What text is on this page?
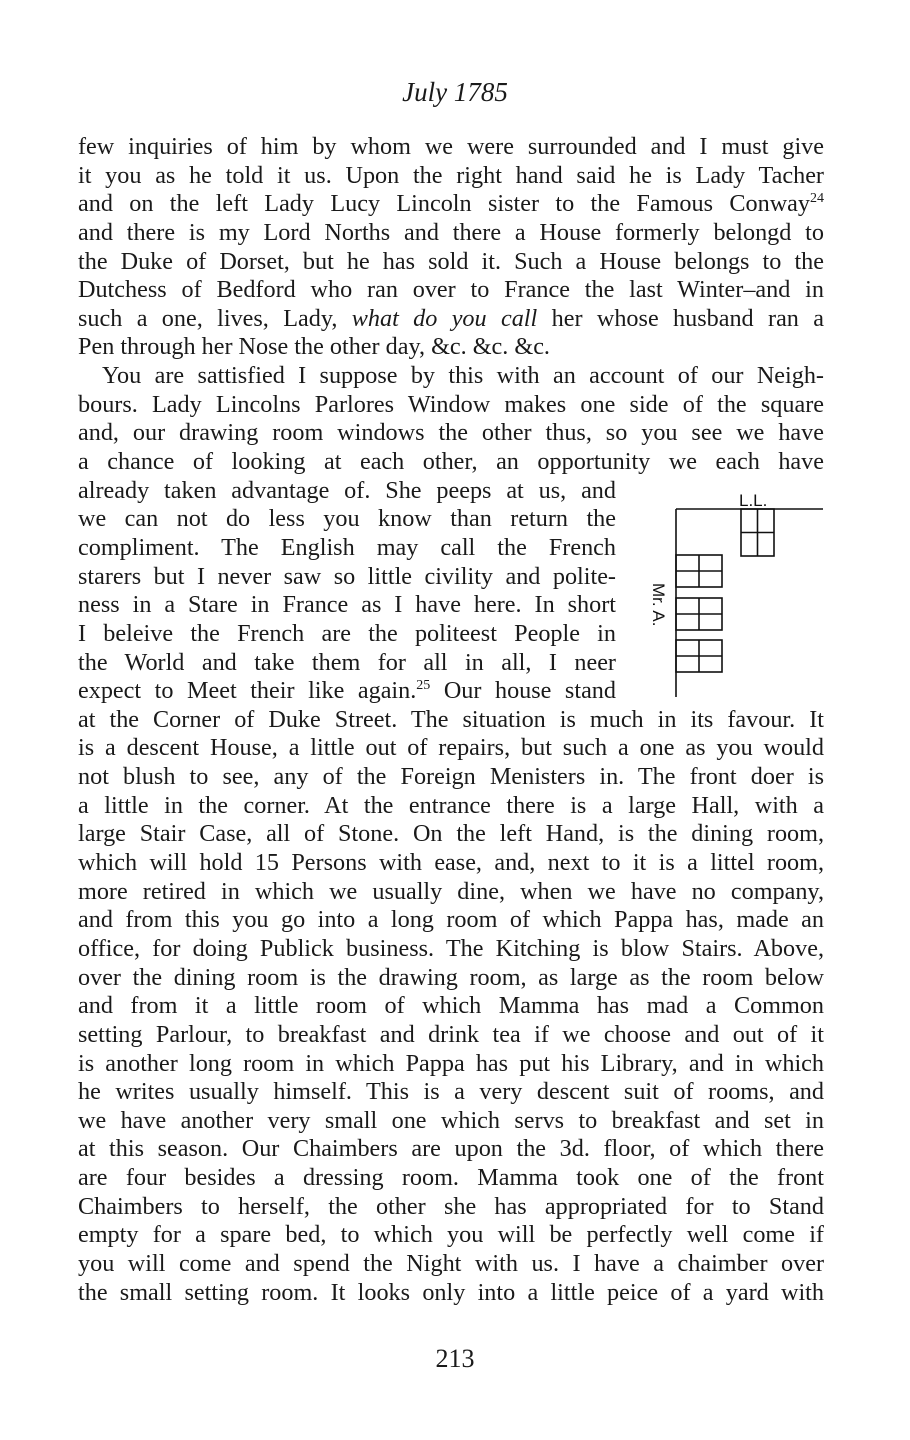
July 1785
few inquiries of him by whom we were surrounded and I must give
it you as he told it us. Upon the right hand said he is Lady Tacher
and on the left Lady Lucy Lincoln sister to the Famous Conway$^{24}$
and there is my Lord Norths and there a House formerly belongd to
the Duke of Dorset, but he has sold it. Such a House belongs to the
Dutchess of Bedford who ran over to France the last Winter–and in
such a one, lives, Lady, what do you call her whose husband ran a
Pen through her Nose the other day, &c. &c. &c.
You are sattisfied I suppose by this with an account of our Neigh-
bours. Lady Lincolns Parlores Window makes one side of the square
and, our drawing room windows the other thus, so you see we have
a chance of looking at each other, an opportunity we each have
already taken advantage of. She peeps at us, and
we can not do less you know than return the
compliment. The English may call the French
starers but I never saw so little civility and polite-
ness in a Stare in France as I have here. In short
I beleive the French are the politeest People in
the World and take them for all in all, I neer
expect to Meet their like again.$^{25}$ Our house stand
at the Corner of Duke Street. The situation is much in its favour. It
is a descent House, a little out of repairs, but such a one as you would
not blush to see, any of the Foreign Menisters in. The front doer is
a little in the corner. At the entrance there is a large Hall, with a
large Stair Case, all of Stone. On the left Hand, is the dining room,
which will hold 15 Persons with ease, and, next to it is a littel room,
more retired in which we usually dine, when we have no company,
and from this you go into a long room of which Pappa has, made an
office, for doing Publick business. The Kitching is blow Stairs. Above,
over the dining room is the drawing room, as large as the room below
and from it a little room of which Mamma has mad a Common
setting Parlour, to breakfast and drink tea if we choose and out of it
is another long room in which Pappa has put his Library, and in which
he writes usually himself. This is a very descent suit of rooms, and
we have another very small one which servs to breakfast and set in
at this season. Our Chaimbers are upon the 3d. floor, of which there
are four besides a dressing room. Mamma took one of the front
Chaimbers to herself, the other she has appropriated for to Stand
empty for a spare bed, to which you will be perfectly well come if
you will come and spend the Night with us. I have a chaimber over
the small setting room. It looks only into a little peice of a yard with
L.L.
Mr. A.
213
